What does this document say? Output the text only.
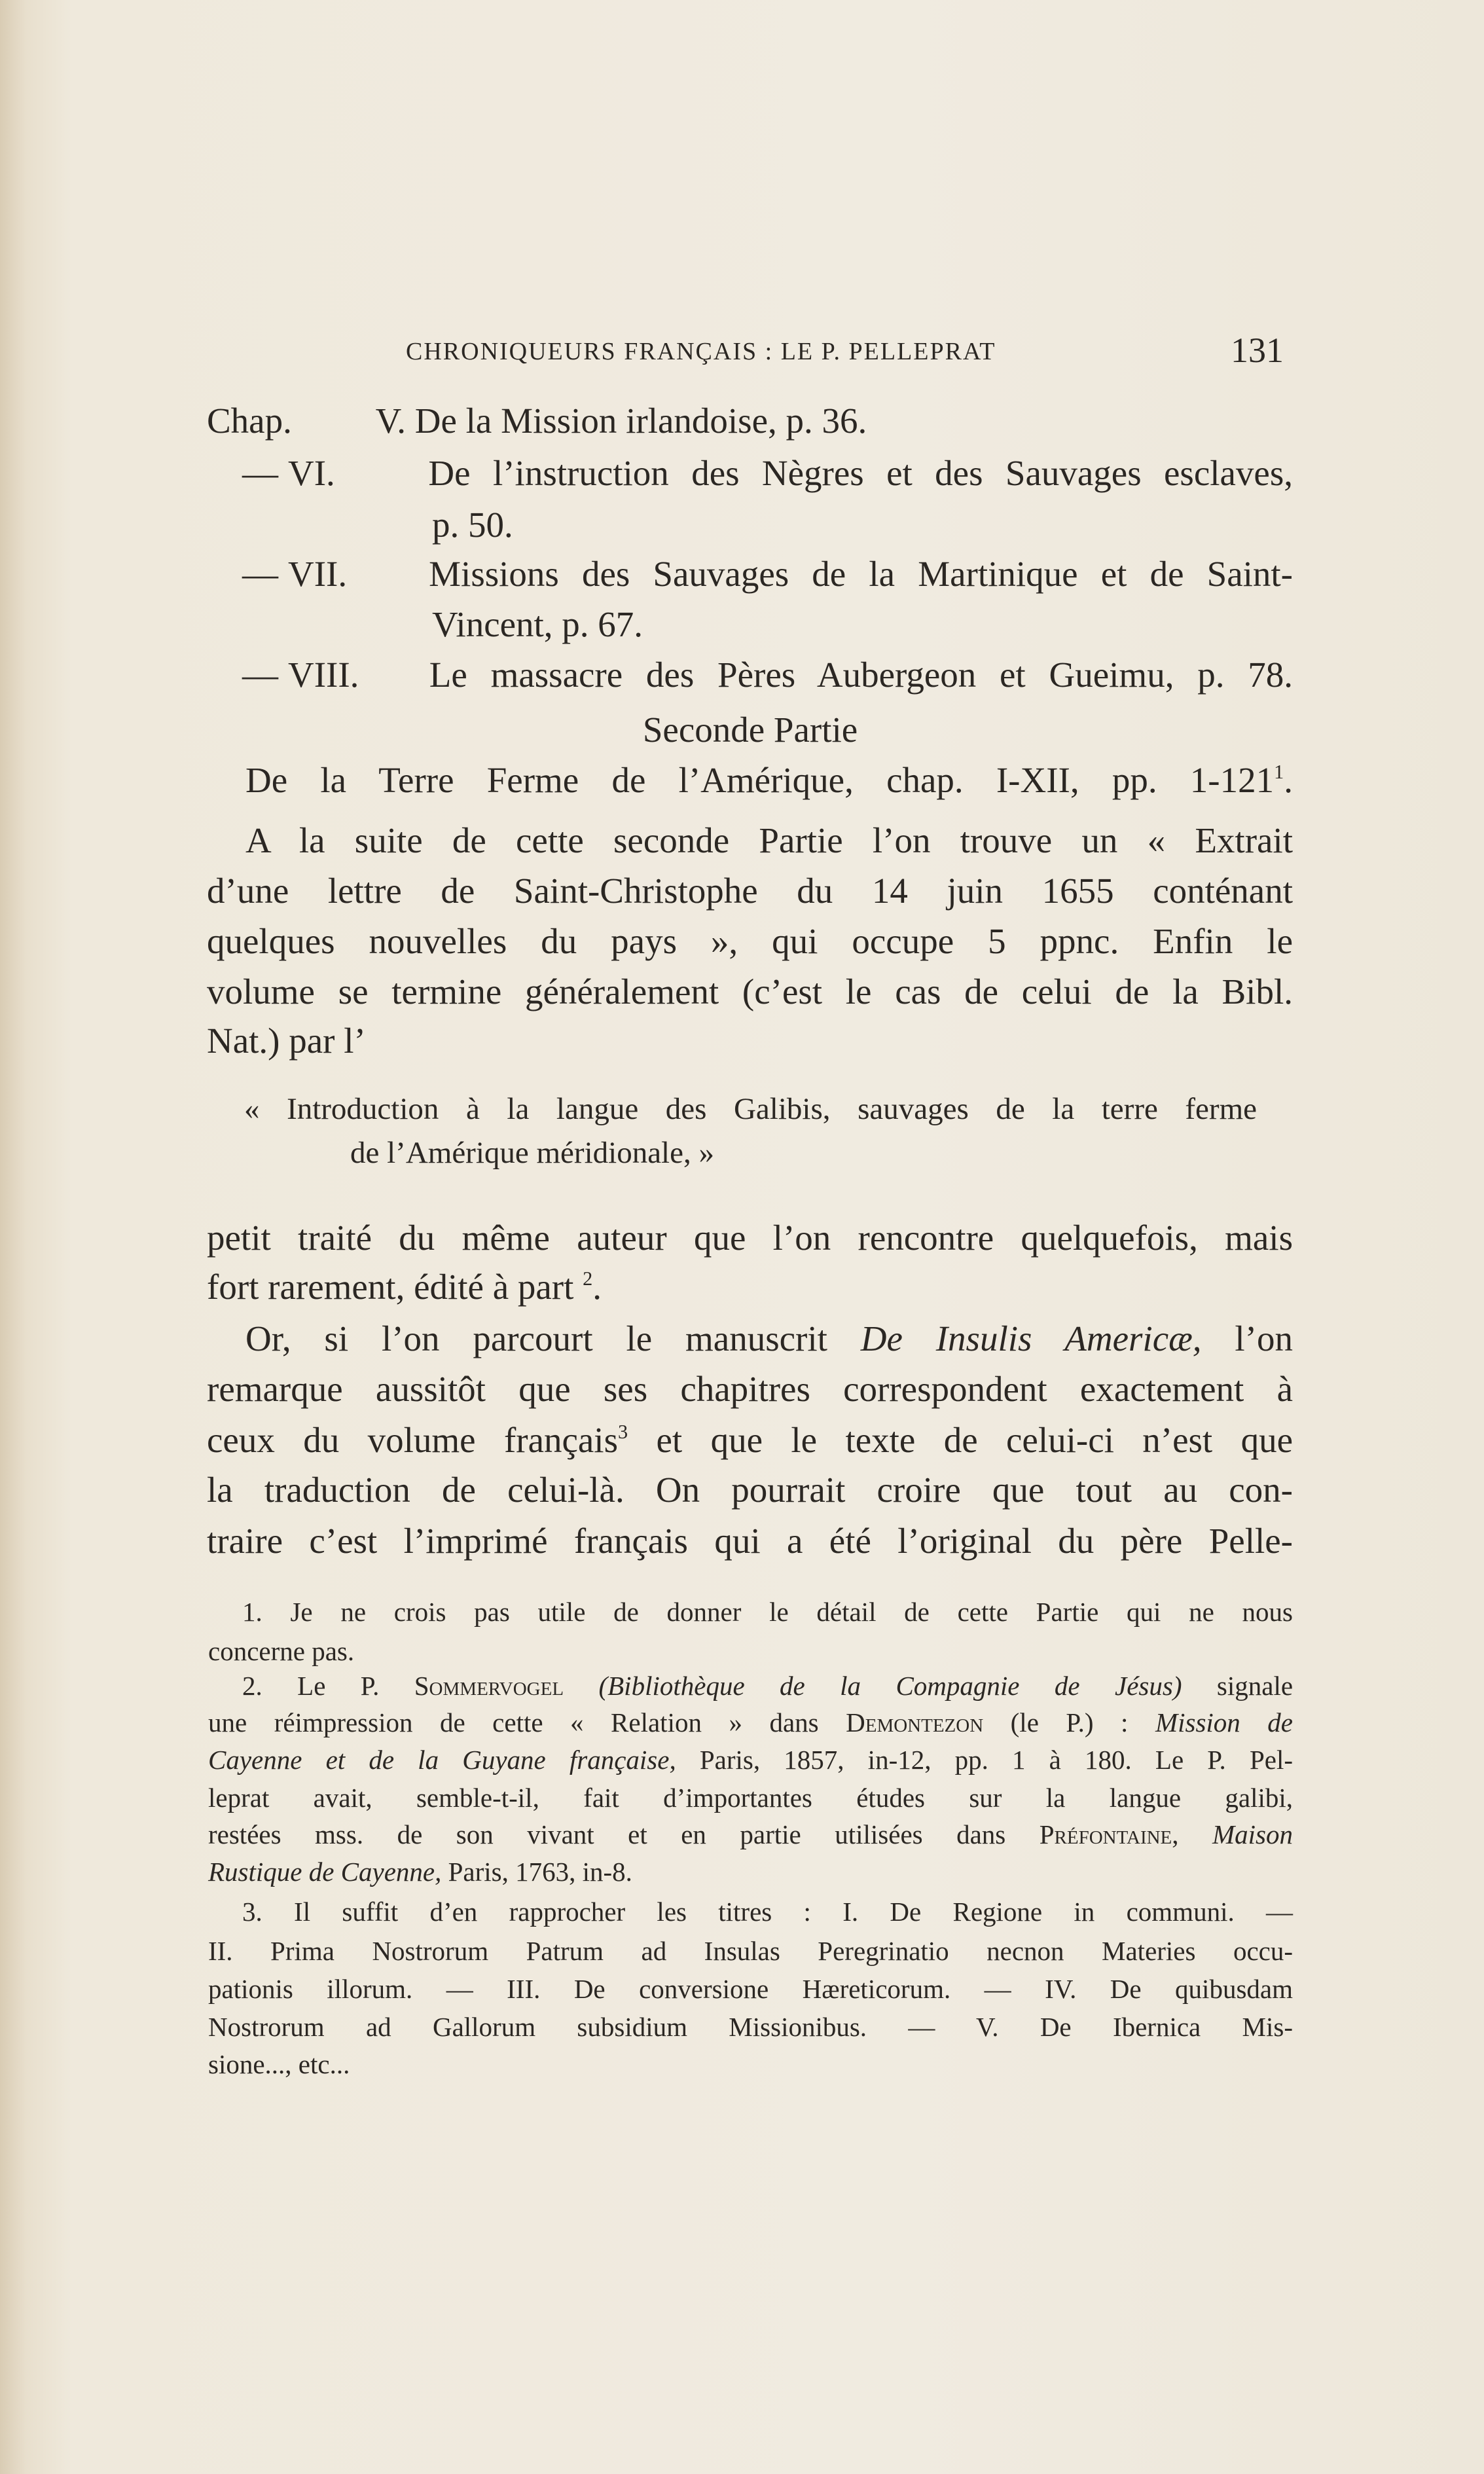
CHRONIQUEURS FRANÇAIS : LE P. PELLEPRAT	131
Chap.	V. De la Mission irlandoise, p. 36.
— VI.	De l’instruction des Nègres et des Sauvages esclaves,
p. 50.
— VII. Missions des Sauvages de la Martinique et de Saint-
Vincent, p. 67.
— VIII. Le massacre des Pères Aubergeon et Gueimu, p. 78.
Seconde Partie
De la Terre Ferme de l’Amérique, chap. I-XII, pp. $1-121^1$.
A la suite de cette seconde Partie l’on trouve un « Extrait
d’une lettre de Saint-Christophe du 14 juin 1655 conténant
quelques nouvelles du pays », qui occupe 5 ppnc. Enfin le
volume se termine généralement (c’est le cas de celui de la Bibl.
Nat.) par l’
« Introduction à la langue des Galibis, sauvages de la terre ferme
de l’Amérique méridionale, »
petit traité du même auteur que l’on rencontre quelquefois, mais
fort rarement, édité à part $^2$.
Or, si l’on parcourt le manuscrit De Insulis Americæ, l’on
remarque aussitôt que ses chapitres correspondent exactement à
ceux du volume français$^3$ et que le texte de celui-ci n’est que
la traduction de celui-là. On pourrait croire que tout au con-
traire c’est l’imprimé français qui a été l’original du père Pelle-
1. Je ne crois pas utile de donner le détail de cette Partie qui ne nous
concerne pas.
2. Le P. Sommervogel (Bibliothèque de la Compagnie de Jésus) signale
une réimpression de cette « Relation » dans Demontezon (le P.) : Mission de
Cayenne et de la Guyane française, Paris, 1857, in-12, pp. 1 à 180. Le P. Pel-
leprat avait, semble-t-il, fait d’importantes études sur la langue galibi,
restées mss. de son vivant et en partie utilisées dans Préfontaine, Maison
Rustique de Cayenne, Paris, 1763, in-8.
3. Il suffit d’en rapprocher les titres : I. De Regione in communi. —
II. Prima Nostrorum Patrum ad Insulas Peregrinatio necnon Materies occu-
pationis illorum. — III. De conversione Hæreticorum. — IV. De quibusdam
Nostrorum ad Gallorum subsidium Missionibus. — V. De Ibernica Mis-
sione..., etc...
